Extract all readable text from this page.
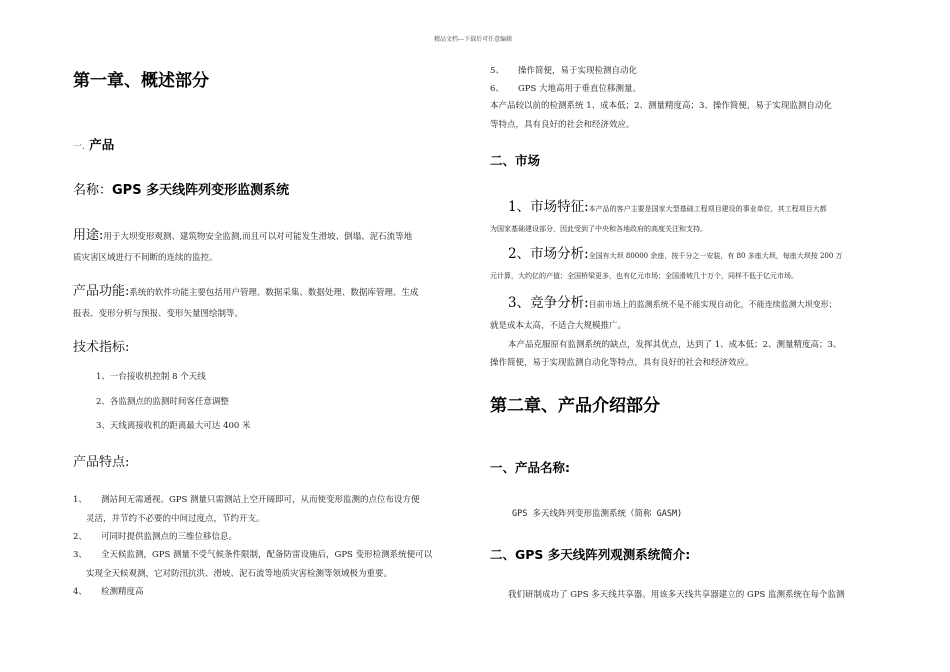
精品文档---下载后可任意编辑
第一章、概述部分
一. 产品
名称：GPS 多天线阵列变形监测系统
用途:用于大坝变形观测、建筑物安全监测,而且可以对可能发生滑坡、倒塌、泥石流等地
质灾害区域进行不间断的连续的监控。
产品功能:系统的软件功能主要包括用户管理、数据采集、数据处理、数据库管理、生成
报表、变形分析与预报、变形矢量图绘制等。
技术指标:
1、一台接收机控制 8 个天线
2、各监测点的监测时间客任意调整
3、天线离接收机的距离最大可达 400 米
产品特点:
1、 测站间无需通视。GPS 测量只需测站上空开阔即可，从而使变形监测的点位布设方便
灵活，并节约不必要的中间过度点，节约开支。
2、 可同时提供监测点的三维位移信息。
3、 全天候监测，GPS 测量不受气候条件限制，配备防雷设施后，GPS 变形检测系统便可以
实现全天候观测，它对防汛抗洪、滑坡、泥石流等地质灾害检测等领域极为重要。
4、 检测精度高
5、 操作简便，易于实现检测自动化
6、 GPS 大地高用于垂直位移测量。
本产品较以前的检测系统 1、成本低；2、测量精度高；3、操作简便，易于实现监测自动化
等特点，具有良好的社会和经济效应。
二、市场
1、市场特征:本产品的客户主要是国家大型基础工程项目建设的事业单位，其工程项目大都
为国家基础建设部分，因此受到了中央和各地政府的高度关注和支持。
2、市场分析:全国有大坝 80000 余座，按千分之一安装，有 80 多座大坝，每座大坝按 200 万
元计算，大约亿的产值；全国桥梁更多，也有亿元市场；全国滑坡几十万个，同样不低于亿元市场。
3、竞争分析:目前市场上的监测系统不是不能实现自动化，不能连续监测大坝变形；
就是成本太高，不适合大规模推广。
本产品克服原有监测系统的缺点，发挥其优点，达到了 1、成本低；2、测量精度高；3、
操作简便，易于实现监测自动化等特点，具有良好的社会和经济效应。
第二章、产品介绍部分
一、产品名称:
GPS 多天线阵列变形监测系统（简称 GASM)
二、GPS 多天线阵列观测系统简介:
我们研制成功了 GPS 多天线共享器。用该多天线共享器建立的 GPS 监测系统在每个监测
